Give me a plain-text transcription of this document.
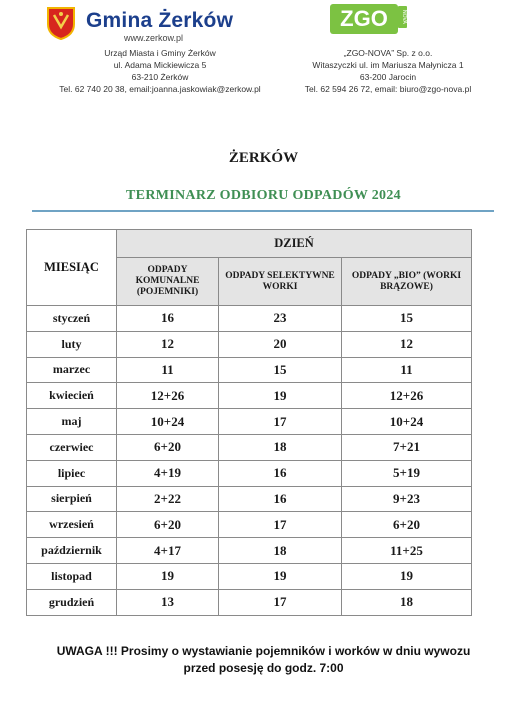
Gmina Żerków
www.zerkow.pl
ZGO	NOVA
Urząd Miasta i Gminy Żerków
ul. Adama Mickiewicza 5
63-210 Żerków
Tel. 62 740 20 38, email:joanna.jaskowiak@zerkow.pl
„ZGO-NOVA” Sp. z o.o.
Witaszyczki ul. im Mariusza Małynicza 1
63-200 Jarocin
Tel. 62 594 26 72, email: biuro@zgo-nova.pl
ŻERKÓW
TERMINARZ ODBIORU ODPADÓW 2024
MIESIĄC	DZIEŃ		
	ODPADY KOMUNALNE (POJEMNIKI)	ODPADY SELEKTYWNE WORKI	ODPADY „BIO” (WORKI BRĄZOWE)
styczeń	16	23	15
luty	12	20	12
marzec	11	15	11
kwiecień	12+26	19	12+26
maj	10+24	17	10+24
czerwiec	6+20	18	7+21
lipiec	4+19	16	5+19
sierpień	2+22	16	9+23
wrzesień	6+20	17	6+20
październik	4+17	18	11+25
listopad	19	19	19
grudzień	13	17	18
UWAGA !!! Prosimy o wystawianie pojemników i worków w dniu wywozu
przed posesję do godz. 7:00
